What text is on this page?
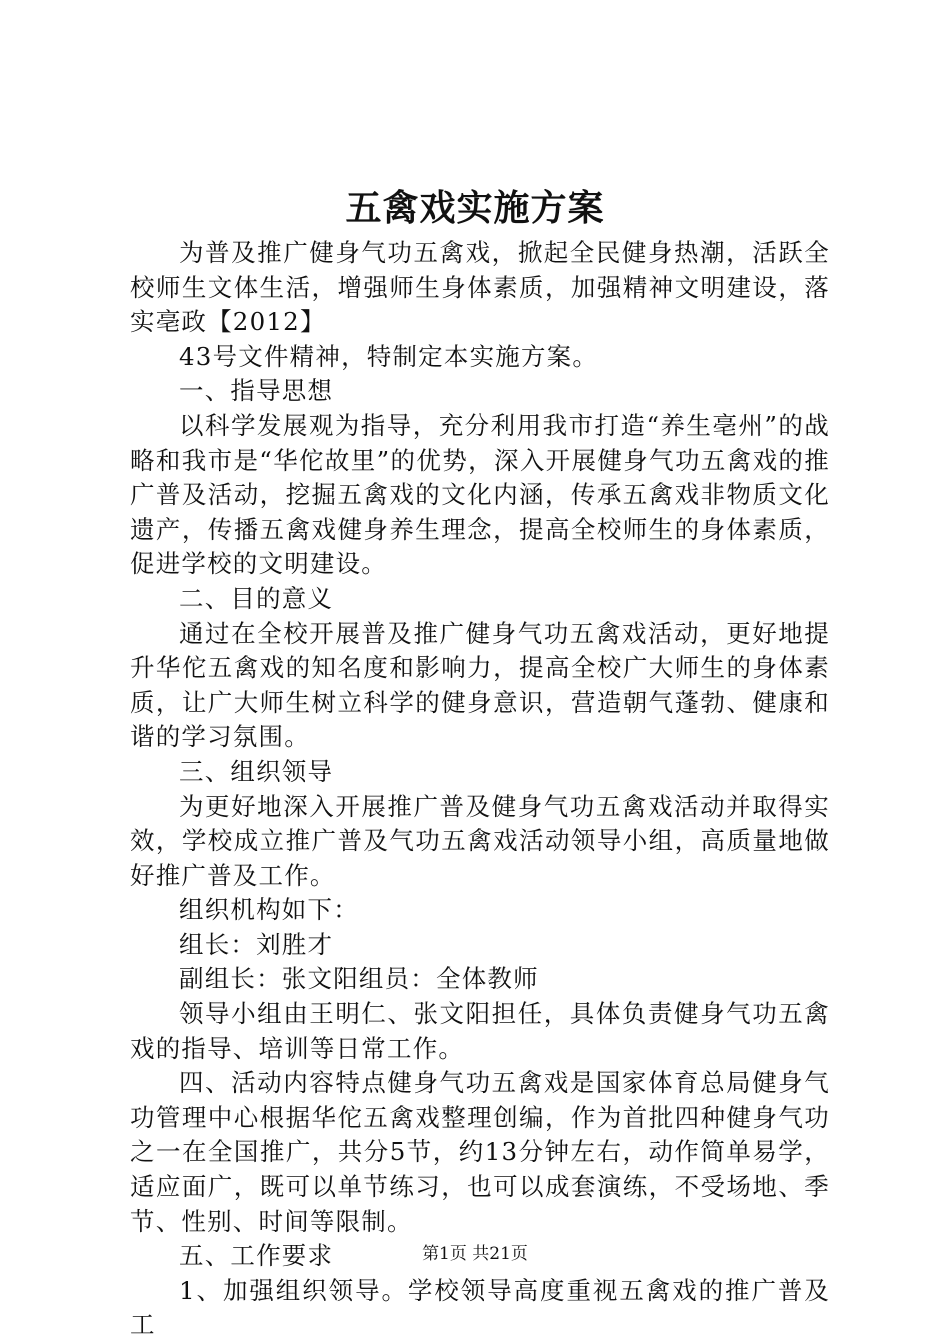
五禽戏实施方案

为普及推广健身气功五禽戏，掀起全民健身热潮，活跃全校师生文体生活，增强师生身体素质，加强精神文明建设，落实亳政【2012】

43号文件精神，特制定本实施方案。

一、指导思想

以科学发展观为指导，充分利用我市打造“养生亳州”的战略和我市是“华佗故里”的优势，深入开展健身气功五禽戏的推广普及活动，挖掘五禽戏的文化内涵，传承五禽戏非物质文化遗产，传播五禽戏健身养生理念，提高全校师生的身体素质，促进学校的文明建设。

二、目的意义

通过在全校开展普及推广健身气功五禽戏活动，更好地提升华佗五禽戏的知名度和影响力，提高全校广大师生的身体素质，让广大师生树立科学的健身意识，营造朝气蓬勃、健康和谐的学习氛围。

三、组织领导

为更好地深入开展推广普及健身气功五禽戏活动并取得实效，学校成立推广普及气功五禽戏活动领导小组，高质量地做好推广普及工作。

组织机构如下：

组长：刘胜才

副组长：张文阳组员：全体教师

领导小组由王明仁、张文阳担任，具体负责健身气功五禽戏的指导、培训等日常工作。

四、活动内容特点健身气功五禽戏是国家体育总局健身气功管理中心根据华佗五禽戏整理创编，作为首批四种健身气功之一在全国推广，共分5节，约13分钟左右，动作简单易学，适应面广，既可以单节练习，也可以成套演练，不受场地、季节、性别、时间等限制。

五、工作要求

1、加强组织领导。学校领导高度重视五禽戏的推广普及工

第1页 共21页
